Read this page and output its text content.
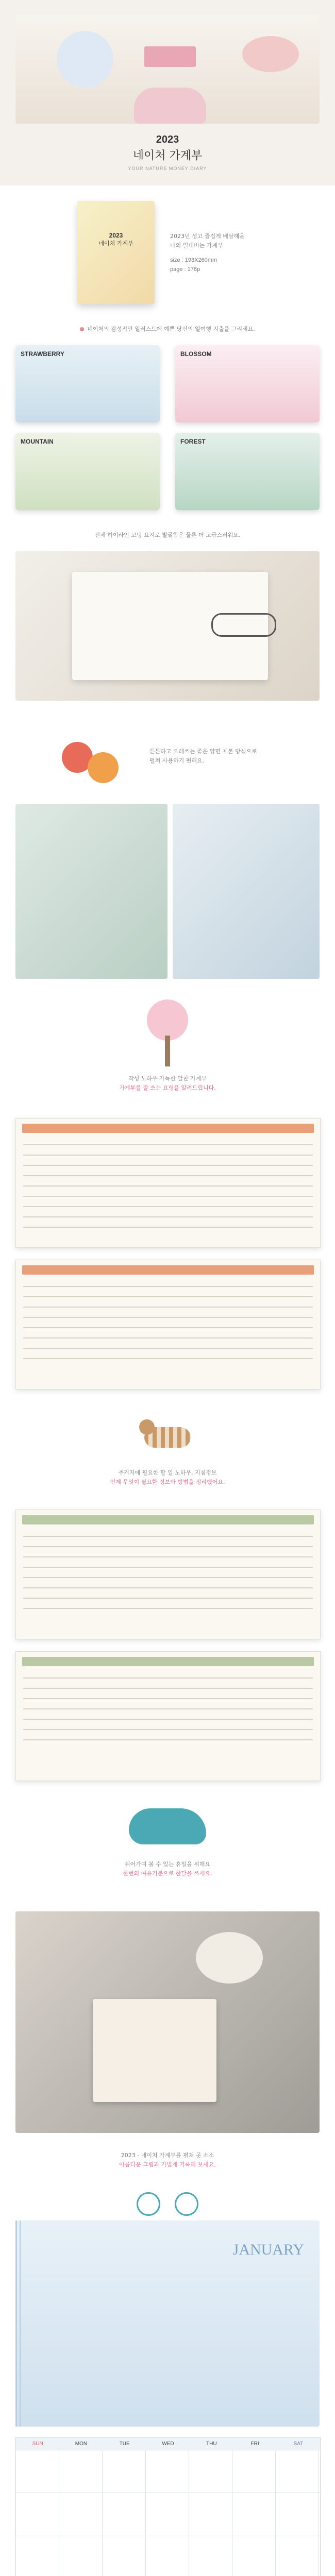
2023
네이처 가계부
YOUR NATURE MONEY DIARY
2023
네이처 가계부
2023년 성고 즐겁게 배달해을
나의 일대비는 가계부
size : 193X260mm
page : 176p
네이처의 감성적인 일러스트에 예쁜 당신의 열여행 지출을 그리세요.
STRAWBERRY	BLOSSOM
MOUNTAIN	FOREST
전체 하이라인 코팅 표지로 발굴함은 물론 더 고급스러워요.
튼튼하고 오래쓰는 좋은 양면 제본 방식으로
펼쳐 사용하기 편해요.
작성 노하우 가득한 알찬 가계부
가계부를 잘 쓰는 요령을 알려드립니다.
주거지에 필요한 할 일 노하우, 지침정보
언제 무엇이 필요한 정보와 방법을 정리했어요.
쉬어가며 볼 수 있는 휴일을 위해요
한번의 여유기분으로 한달을 쓰세요.
2023 - 네이처 가계부를 펼쳐 곳 소소
아름다운 그림과 가볍게 기록해 보세요.
JANUARY
SUN	MON	TUE	WED	THU	FRI	SAT
